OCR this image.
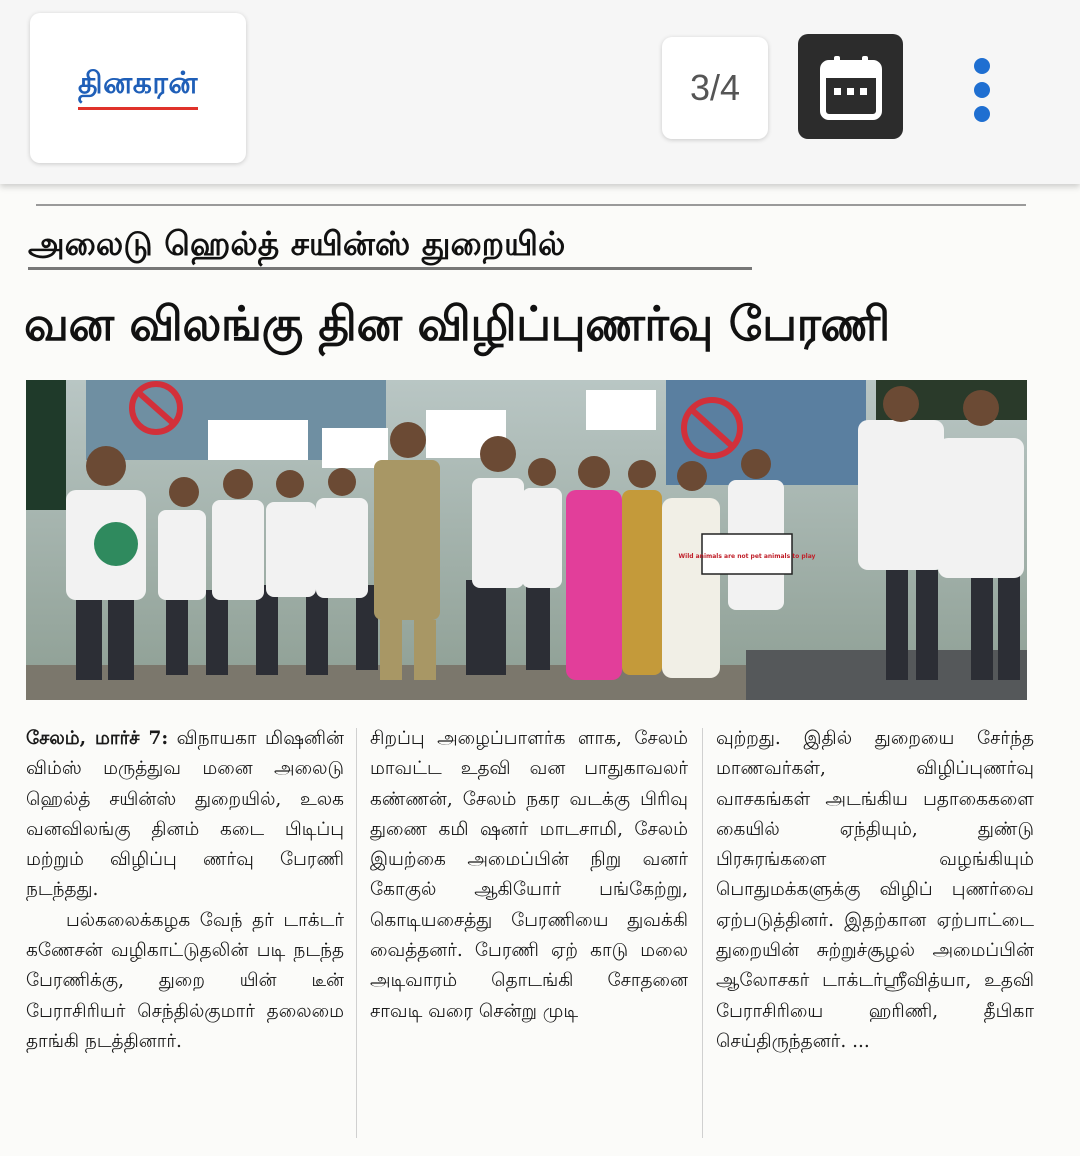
தினகரன்	3/4
அலைடு ஹெல்த் சயின்ஸ் துறையில்
வன விலங்கு தின விழிப்புணர்வு பேரணி
Wild animals are not pet animals to play

சேலம், மார்ச் 7: விநாயகா மிஷனின் விம்ஸ் மருத்துவ மனை அலைடு ஹெல்த் சயின்ஸ் துறையில், உலக வனவிலங்கு தினம் கடை பிடிப்பு மற்றும் விழிப்பு ணர்வு பேரணி நடந்தது.

பல்கலைக்கழக வேந் தர் டாக்டர் கணேசன் வழிகாட்டுதலின் படி நடந்த பேரணிக்கு, துறை யின் டீன் பேராசிரியர் செந்தில்குமார் தலைமை தாங்கி நடத்தினார்.

சிறப்பு அழைப்பாளர்க ளாக, சேலம் மாவட்ட உதவி வன பாதுகாவலர் கண்ணன், சேலம் நகர வடக்கு பிரிவு துணை கமி ஷனர் மாடசாமி, சேலம் இயற்கை அமைப்பின் நிறு வனர் கோகுல் ஆகியோர் பங்கேற்று, கொடியசைத்து பேரணியை துவக்கி வைத்தனர். பேரணி ஏற் காடு மலை அடிவாரம் தொடங்கி சோதனை சாவடி வரை சென்று முடி

வுற்றது. இதில் துறையை சேர்ந்த மாணவர்கள், விழிப்புணர்வு வாசகங்கள் அடங்கிய பதாகைகளை கையில் ஏந்தியும், துண்டு பிரசுரங்களை வழங்கியும் பொதுமக்களுக்கு விழிப் புணர்வை ஏற்படுத்தினர். இதற்கான ஏற்பாட்டை துறையின் சுற்றுச்சூழல் அமைப்பின் ஆலோசகர் டாக்டர்ஸ்ரீவித்யா, உதவி பேராசிரியை ஹரிணி, தீபிகா செய்திருந்தனர். ...
